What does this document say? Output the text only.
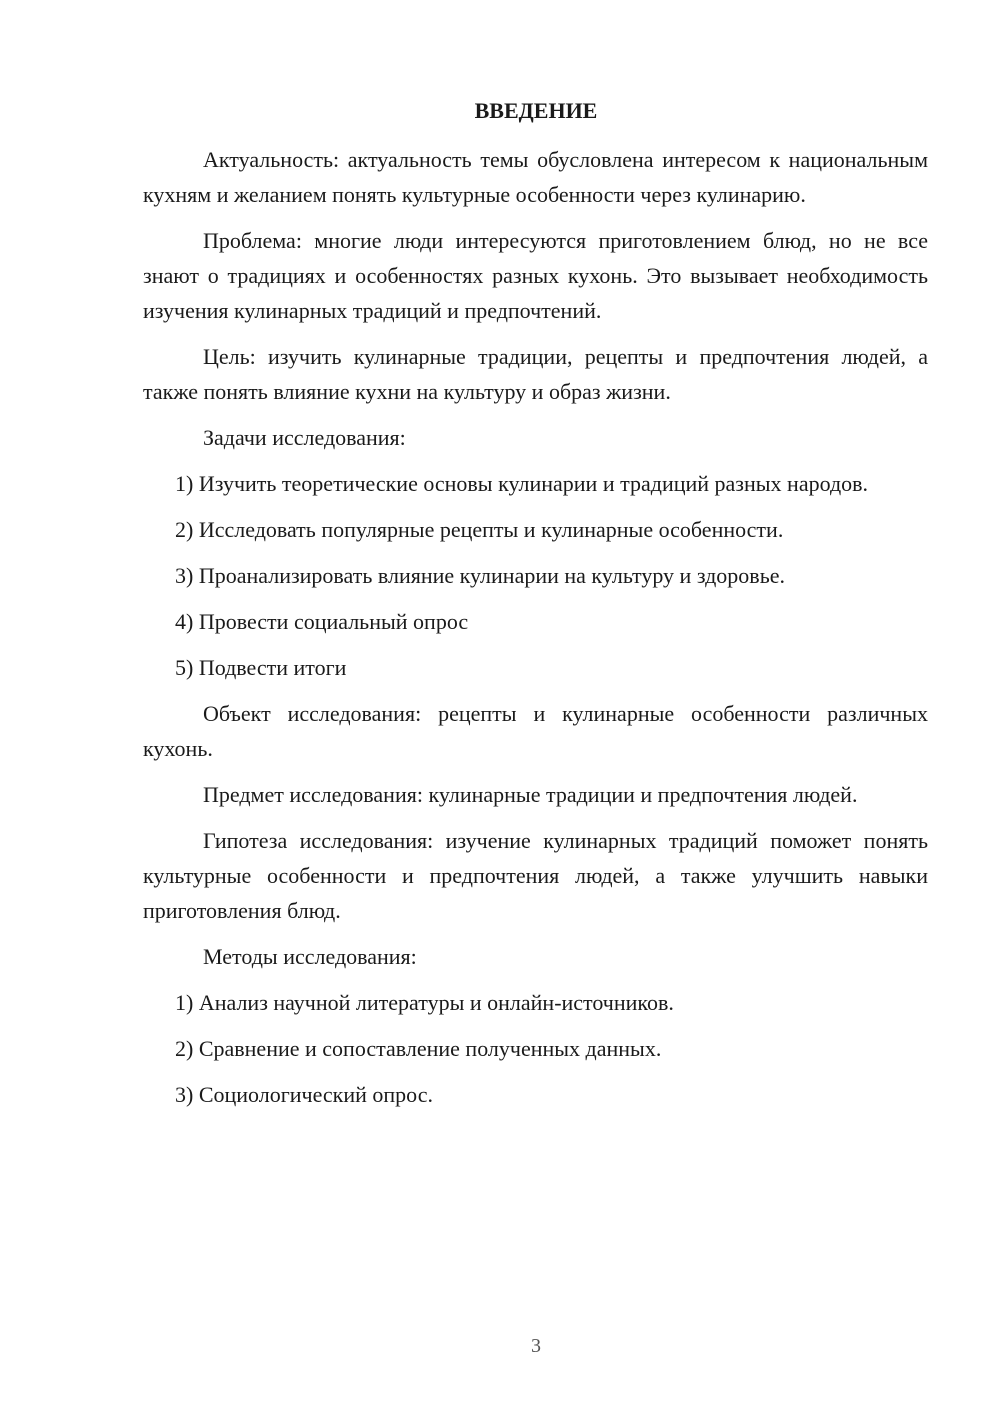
ВВЕДЕНИЕ

Актуальность: актуальность темы обусловлена интересом к национальным кухням и желанием понять культурные особенности через кулинарию.

Проблема: многие люди интересуются приготовлением блюд, но не все знают о традициях и особенностях разных кухонь. Это вызывает необходимость изучения кулинарных традиций и предпочтений.

Цель: изучить кулинарные традиции, рецепты и предпочтения людей, а также понять влияние кухни на культуру и образ жизни.

Задачи исследования:

1) Изучить теоретические основы кулинарии и традиций разных народов.

2) Исследовать популярные рецепты и кулинарные особенности.

3) Проанализировать влияние кулинарии на культуру и здоровье.

4) Провести социальный опрос

5) Подвести итоги

Объект исследования: рецепты и кулинарные особенности различных кухонь.

Предмет исследования: кулинарные традиции и предпочтения людей.

Гипотеза исследования: изучение кулинарных традиций поможет понять культурные особенности и предпочтения людей, а также улучшить навыки приготовления блюд.

Методы исследования:

1) Анализ научной литературы и онлайн-источников.

2) Сравнение и сопоставление полученных данных.

3) Социологический опрос.

3
